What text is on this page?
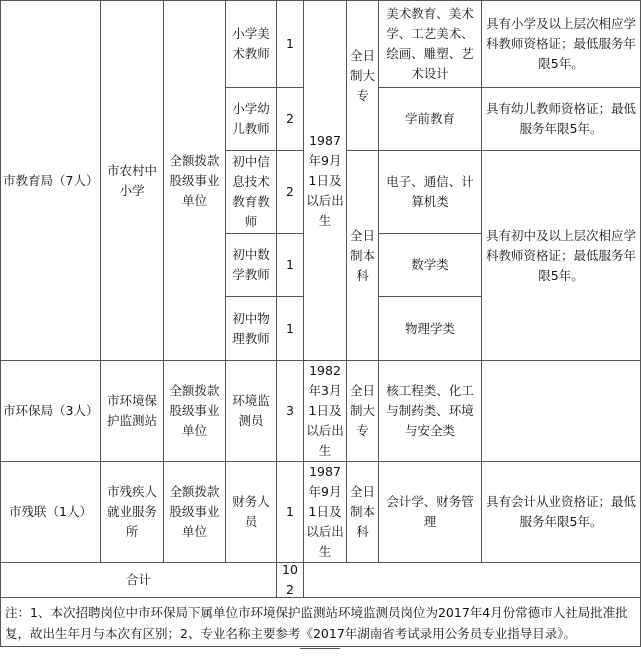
市教育局（7人）
市农村中小学
全额拨款股级事业单位
小学美术教师
1
小学幼儿教师
2
初中信息技术教育教师
2
初中数学教师
1
初中物理教师
1
1987年9月1日及以后出生
全日制大专
全日制本科
美术教育、美术学、工艺美术、绘画、雕塑、艺术设计
学前教育
电子、通信、计算机类
数学类
物理学类
具有小学及以上层次相应学科教师资格证；最低服务年限5年。
具有幼儿教师资格证；最低服务年限5年。
具有初中及以上层次相应学科教师资格证；最低服务年限5年。
市环保局（3人）
市环境保护监测站
全额拨款股级事业单位
环境监测员
3
1982年3月1日及以后出生
全日制大专
核工程类、化工与制药类、环境与安全类
市残联（1人）
市残疾人就业服务所
全额拨款股级事业单位
财务人员
1
1987年9月1日及以后出生
全日制本科
会计学、财务管理
具有会计从业资格证；最低服务年限5年。
合计
102
注：1、本次招聘岗位中市环保局下属单位市环境保护监测站环境监测员岗位为2017年4月份常德市人社局批准批复，故出生年月与本次有区别；2、专业名称主要参考《2017年湖南省考试录用公务员专业指导目录》。
